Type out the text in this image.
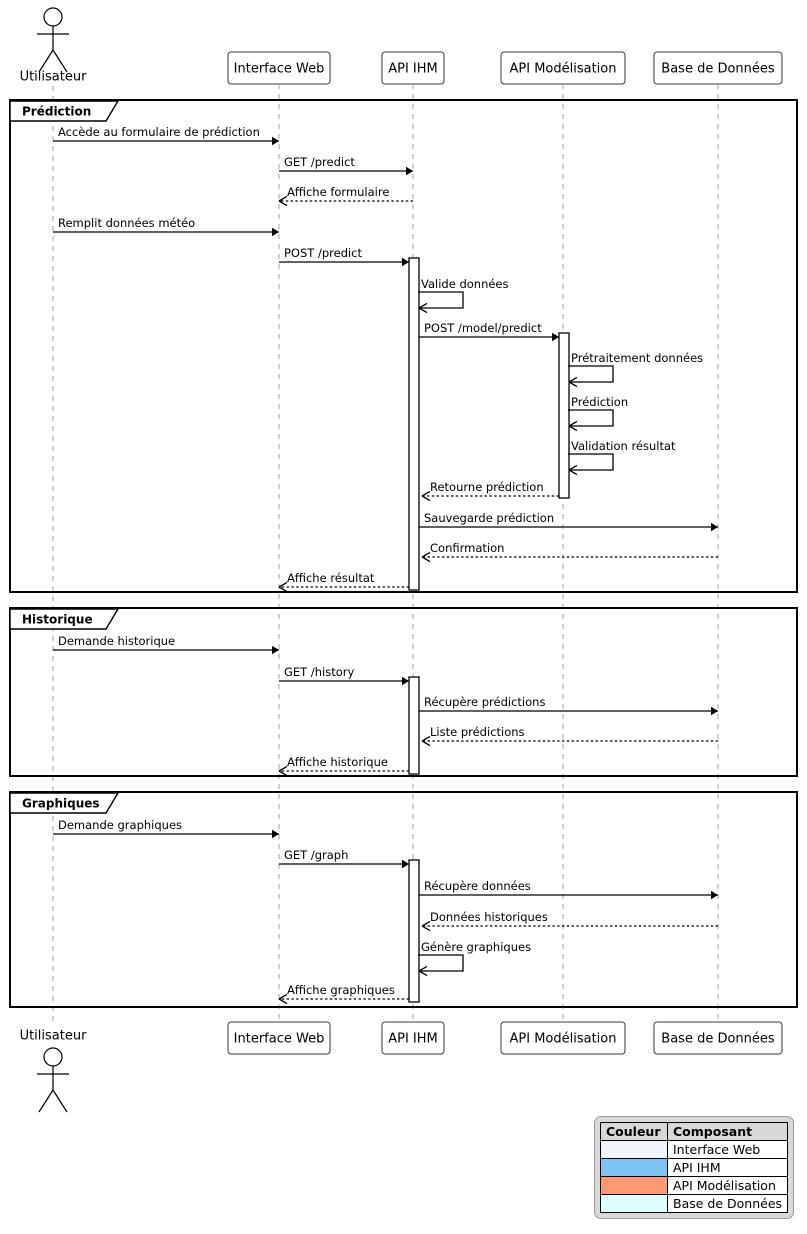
Utilisateur
Utilisateur
Interface Web
Interface Web
API IHM
API IHM
API Modélisation
API Modélisation
Base de Données
Base de Données
Prédiction
Accède au formulaire de prédiction
GET /predict
Affiche formulaire
Remplit données météo
POST /predict
Valide données
POST /model/predict
Prétraitement données
Prédiction
Validation résultat
Retourne prédiction
Sauvegarde prédiction
Confirmation
Affiche résultat
Historique
Demande historique
GET /history
Récupère prédictions
Liste prédictions
Affiche historique
Graphiques
Demande graphiques
GET /graph
Récupère données
Données historiques
Génère graphiques
Affiche graphiques
Couleur	Composant
	Interface Web
	API IHM
	API Modélisation
	Base de Données
